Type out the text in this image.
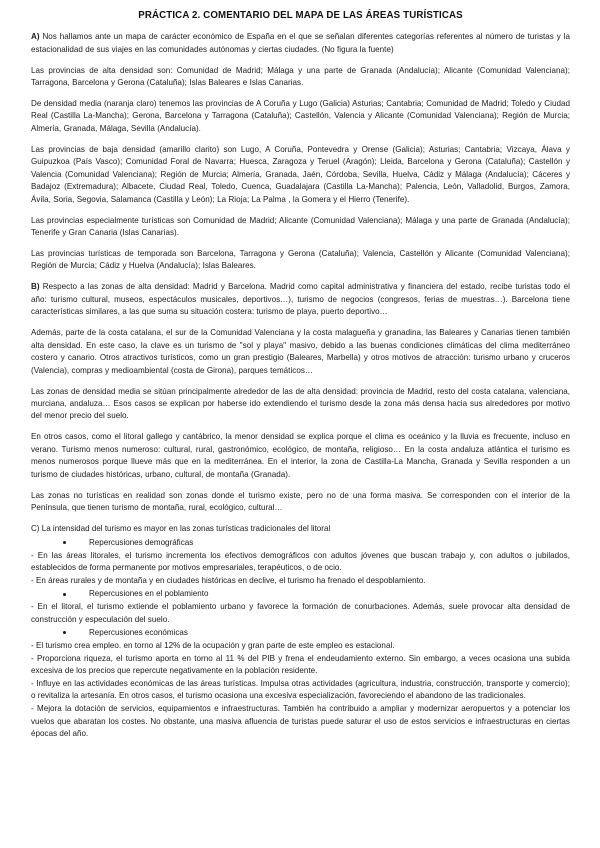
PRÁCTICA 2. COMENTARIO DEL MAPA DE LAS ÁREAS TURÍSTICAS

A) Nos hallamos ante un mapa de carácter económico de España en el que se señalan diferentes categorías referentes al número de turistas y la estacionalidad de sus viajes en las comunidades autónomas y ciertas ciudades. (No figura la fuente)

Las provincias de alta densidad son: Comunidad de Madrid; Málaga y una parte de Granada (Andalucía); Alicante (Comunidad Valenciana); Tarragona, Barcelona y Gerona (Cataluña); Islas Baleares e Islas Canarias.

De densidad media (naranja claro) tenemos las provincias de A Coruña y Lugo (Galicia) Asturias; Cantabria; Comunidad de Madrid; Toledo y Ciudad Real (Castilla La-Mancha); Gerona, Barcelona y Tarragona (Cataluña); Castellón, Valencia y Alicante (Comunidad Valenciana); Región de Murcia; Almería, Granada, Málaga, Sevilla (Andalucía).

Las provincias de baja densidad (amarillo clarito) son Lugo, A Coruña, Pontevedra y Orense (Galicia); Asturias; Cantabria; Vizcaya, Álava y Guipuzkoa (País Vasco); Comunidad Foral de Navarra; Huesca, Zaragoza y Teruel (Aragón); Lleida, Barcelona y Gerona (Cataluña); Castellón y Valencia (Comunidad Valenciana); Región de Murcia; Almería, Granada, Jaén, Córdoba, Sevilla, Huelva, Cádiz y Málaga (Andalucía); Cáceres y Badajoz (Extremadura); Albacete, Ciudad Real, Toledo, Cuenca, Guadalajara (Castilla La-Mancha); Palencia, León, Valladolid, Burgos, Zamora, Ávila, Soria, Segovia, Salamanca (Castilla y León); La Rioja; La Palma , la Gomera y el Hierro (Tenerife).

Las provincias especialmente turísticas son Comunidad de Madrid; Alicante (Comunidad Valenciana); Málaga y una parte de Granada (Andalucía); Tenerife y Gran Canaria (Islas Canarias).

Las provincias turísticas de temporada son Barcelona, Tarragona y Gerona (Cataluña); Valencia, Castellón y Alicante (Comunidad Valenciana); Región de Murcia; Cádiz y Huelva (Andalucía); Islas Baleares.

B) Respecto a las zonas de alta densidad: Madrid y Barcelona. Madrid como capital administrativa y financiera del estado, recibe turistas todo el año: turismo cultural, museos, espectáculos musicales, deportivos…), turismo de negocios (congresos, ferias de muestras…). Barcelona tiene características similares, a las que suma su situación costera: turismo de playa, puerto deportivo…

Además, parte de la costa catalana, el sur de la Comunidad Valenciana y la costa malagueña y granadina, las Baleares y Canarias tienen también alta densidad. En este caso, la clave es un turismo de "sol y playa" masivo, debido a las buenas condiciones climáticas del clima mediterráneo costero y canario. Otros atractivos turísticos, como un gran prestigio (Baleares, Marbella) y otros motivos de atracción: turismo urbano y cruceros (Valencia), compras y medioambiental (costa de Girona), parques temáticos…

Las zonas de densidad media se sitúan principalmente alrededor de las de alta densidad: provincia de Madrid, resto del costa catalana, valenciana, murciana, andaluza… Esos casos se explican por haberse ido extendiendo el turismo desde la zona más densa hacia sus alrededores por motivo del menor precio del suelo.

En otros casos, como el litoral gallego y cantábrico, la menor densidad se explica porque el clima es oceánico y la lluvia es frecuente, incluso en verano. Turismo menos numeroso: cultural, rural, gastronómico, ecológico, de montaña, religioso… En la costa andaluza atlántica el turismo es menos numerosos porque llueve más que en la mediterránea. En el interior, la zona de Castilla-La Mancha, Granada y Sevilla responden a un turismo de ciudades históricas, urbano, cultural, de montaña (Granada).

Las zonas no turísticas en realidad son zonas donde el turismo existe, pero no de una forma masiva. Se corresponden con el interior de la Península, que tienen turismo de montaña, rural, ecológico, cultural…

C) La intensidad del turismo es mayor en las zonas turísticas tradicionales del litoral

Repercusiones demográficas

- En las áreas litorales, el turismo incrementa los efectivos demográficos con adultos jóvenes que buscan trabajo y, con adultos o jubilados, establecidos de forma permanente por motivos empresariales, terapéuticos, o de ocio.

- En áreas rurales y de montaña y en ciudades históricas en declive, el turismo ha frenado el despoblamiento.

Repercusiones en el poblamiento

- En el litoral, el turismo extiende el poblamiento urbano y favorece la formación de conurbaciones. Además, suele provocar alta densidad de construcción y especulación del suelo.

Repercusiones económicas

- El turismo crea empleo. en torno al 12% de la ocupación y gran parte de este empleo es estacional.

- Proporciona riqueza, el turismo aporta en torno al 11 % del PIB y frena el endeudamiento externo. Sin embargo, a veces ocasiona una subida excesiva de los precios que repercute negativamente en la población residente.

- Influye en las actividades económicas de las áreas turísticas. Impulsa otras actividades (agricultura, industria, construcción, transporte y comercio); o revitaliza la artesanía. En otros casos, el turismo ocasiona una excesiva especialización, favoreciendo el abandono de las tradicionales.

- Mejora la dotación de servicios, equipamientos e infraestructuras. También ha contribuido a ampliar y modernizar aeropuertos y a potenciar los vuelos que abaratan los costes. No obstante, una masiva afluencia de turistas puede saturar el uso de estos servicios e infraestructuras en ciertas épocas del año.
